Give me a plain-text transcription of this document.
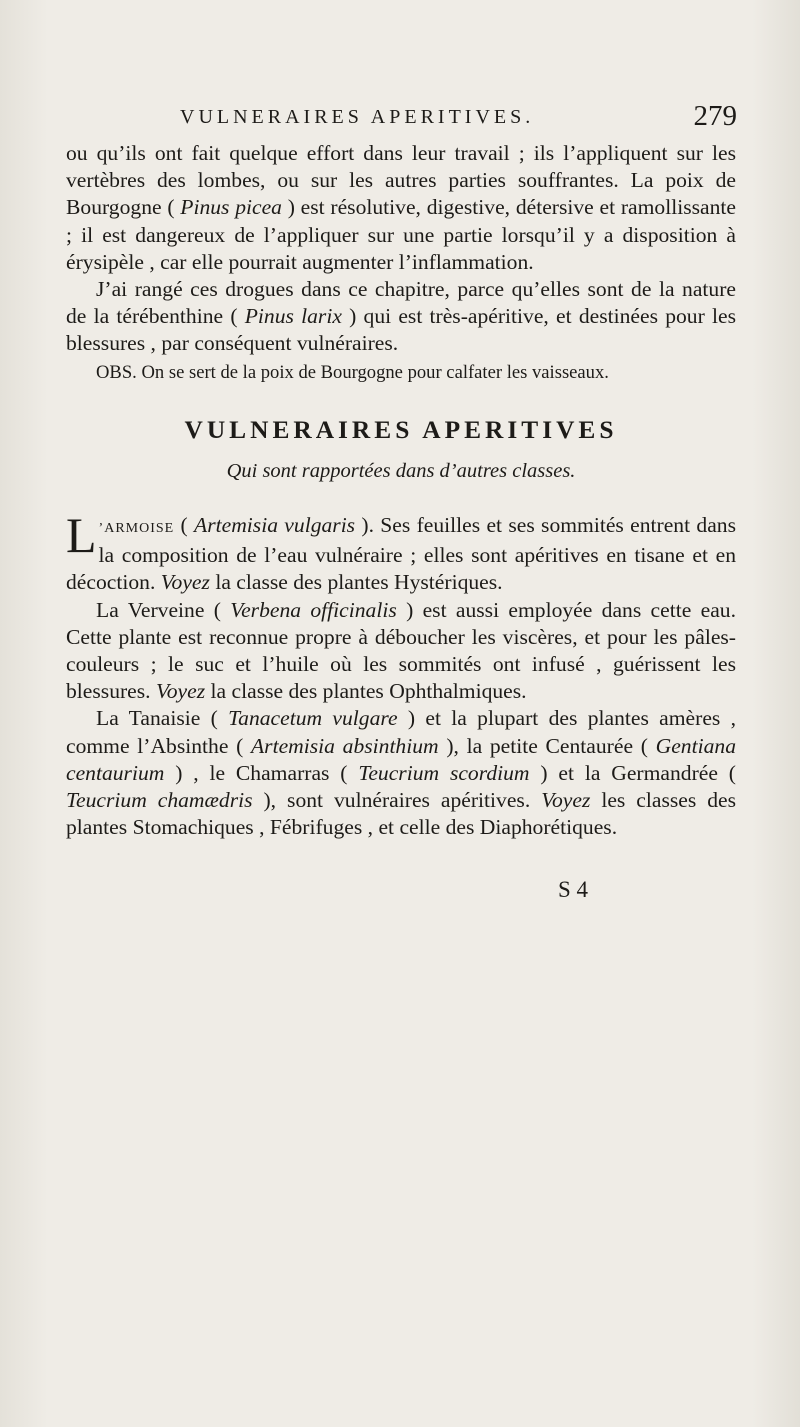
VULNERAIRES APERITIVES.	279

ou qu’ils ont fait quelque effort dans leur travail ; ils l’appliquent sur les vertèbres des lombes, ou sur les autres parties souffrantes. La poix de Bourgogne ( Pinus picea ) est résolutive, digestive, détersive et ramollissante ; il est dangereux de l’appliquer sur une partie lorsqu’il y a disposition à érysipèle , car elle pourrait augmenter l’inflammation.

J’ai rangé ces drogues dans ce chapitre, parce qu’elles sont de la nature de la térébenthine ( Pinus larix ) qui est très-apéritive, et destinées pour les blessures , par conséquent vulnéraires.

OBS. On se sert de la poix de Bourgogne pour calfater les vaisseaux.

VULNERAIRES APERITIVES

Qui sont rapportées dans d’autres classes.

L ’ARMOISE ( Artemisia vulgaris ). Ses feuilles et ses sommités entrent dans la composition de l’eau vulnéraire ; elles sont apéritives en tisane et en décoction. Voyez la classe des plantes Hystériques.

La Verveine ( Verbena officinalis ) est aussi employée dans cette eau. Cette plante est reconnue propre à déboucher les viscères, et pour les pâles-couleurs ; le suc et l’huile où les sommités ont infusé , guérissent les blessures. Voyez la classe des plantes Ophthalmiques.

La Tanaisie ( Tanacetum vulgare ) et la plupart des plantes amères , comme l’Absinthe ( Artemisia absinthium ), la petite Centaurée ( Gentiana centaurium ) , le Chamarras ( Teucrium scordium ) et la Germandrée ( Teucrium chamædris ), sont vulnéraires apéritives. Voyez les classes des plantes Stomachiques , Fébrifuges , et celle des Diaphorétiques.

S 4
